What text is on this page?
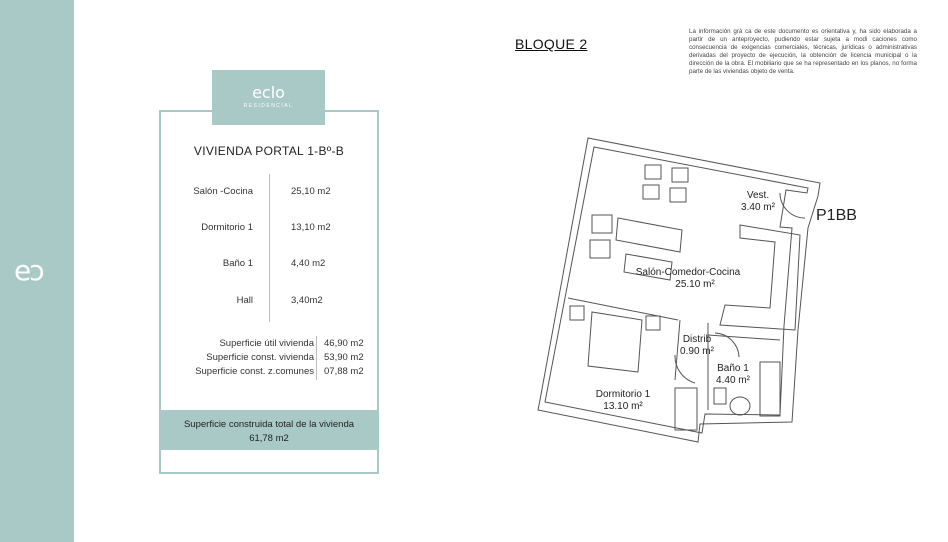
eɔ
VIVIENDA PORTAL 1-Bº-B
Salón -Cocina	25,10 m2
Dormitorio 1	13,10 m2
Baño 1	4,40 m2
Hall	3,40m2
Superficie útil vivienda 46,90 m2
Superficie const. vivienda 53,90 m2
Superficie const. z.comunes 07,88 m2
Superficie construida total de la vivienda
61,78 m2
eclo
RESIDENCIAL
BLOQUE 2
La información grá ca de este documento es orientativa y, ha sido elaborada a partir de un anteproyecto, pudiendo estar sujeta a modi caciones como consecuencia de exigencias comerciales, técnicas, jurídicas o administrativas derivadas del proyecto de ejecución, la obtención de licencia municipal o la dirección de la obra. El mobiliario que se ha representado en los planos, no forma parte de las viviendas objeto de venta.
P1BB
Vest.
3.40 m²
Salón-Comedor-Cocina
25.10 m²
Distrib
0.90 m²
Baño 1
4.40 m²
Dormitorio 1
13.10 m²
